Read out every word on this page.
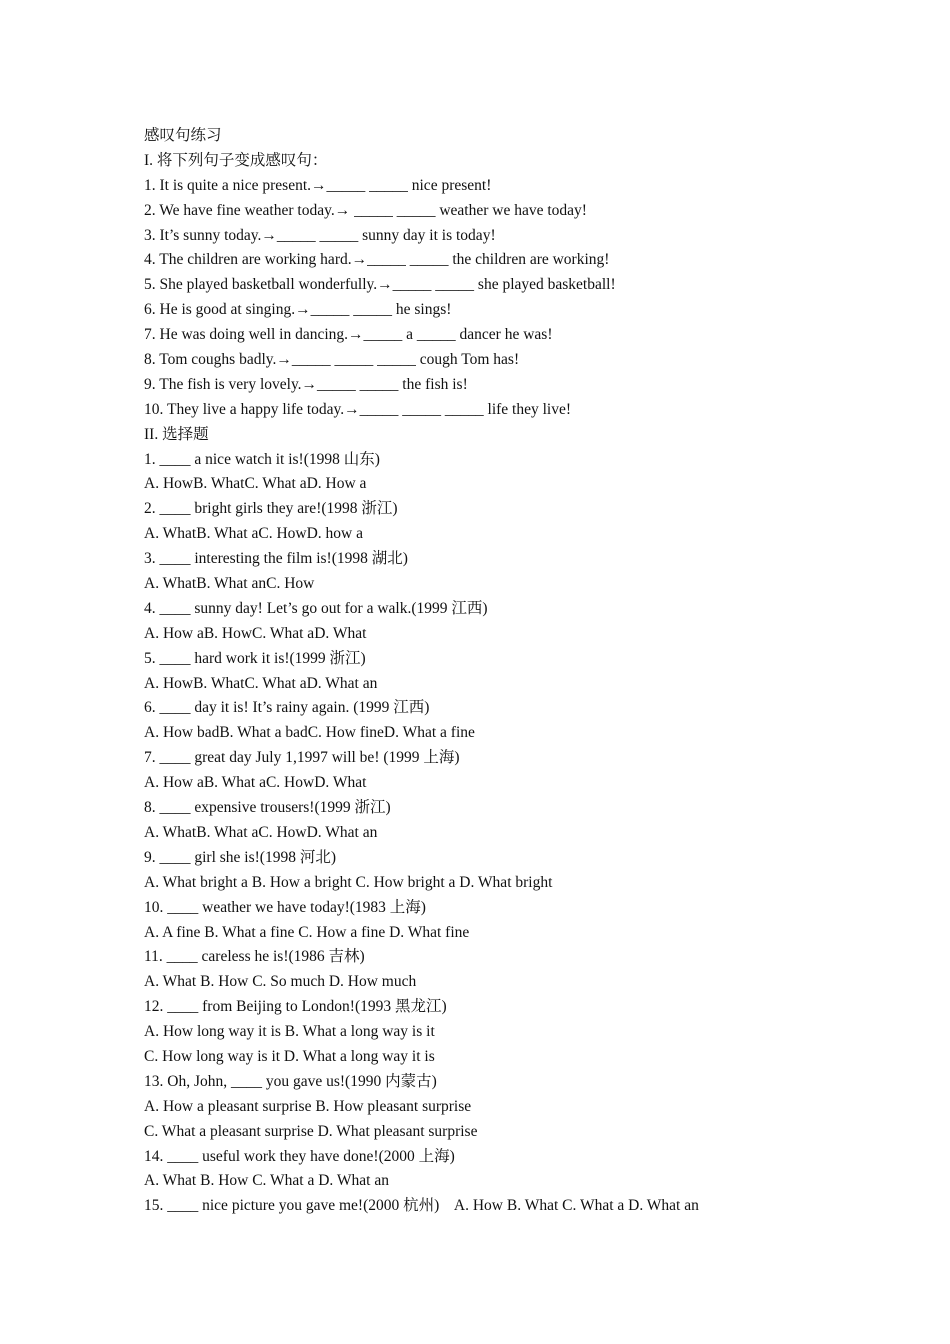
感叹句练习
I. 将下列句子变成感叹句：
1. It is quite a nice present.→_____ _____ nice present!
2. We have fine weather today.→ _____ _____ weather we have today!
3. It’s sunny today.→_____ _____ sunny day it is today!
4. The children are working hard.→_____ _____ the children are working!
5. She played basketball wonderfully.→_____ _____ she played basketball!
6. He is good at singing.→_____ _____ he sings!
7. He was doing well in dancing.→_____ a _____ dancer he was!
8. Tom coughs badly.→_____ _____ _____ cough Tom has!
9. The fish is very lovely.→_____ _____ the fish is!
10. They live a happy life today.→_____ _____ _____ life they live!
II. 选择题
1. ____ a nice watch it is!(1998 山东)
A. HowB. WhatC. What aD. How a
2. ____ bright girls they are!(1998 浙江)
A. WhatB. What aC. HowD. how a
3. ____ interesting the film is!(1998 湖北)
A. WhatB. What anC. How
4. ____ sunny day! Let’s go out for a walk.(1999 江西)
A. How aB. HowC. What aD. What
5. ____ hard work it is!(1999 浙江)
A. HowB. WhatC. What aD. What an
6. ____ day it is! It’s rainy again. (1999 江西)
A. How badB. What a badC. How fineD. What a fine
7. ____ great day July 1,1997 will be! (1999 上海)
A. How aB. What aC. HowD. What
8. ____ expensive trousers!(1999 浙江)
A. WhatB. What aC. HowD. What an
9. ____ girl she is!(1998 河北)
A. What bright a B. How a bright C. How bright a D. What bright
10. ____ weather we have today!(1983 上海)
A. A fine B. What a fine C. How a fine D. What fine
11. ____ careless he is!(1986 吉林)
A. What B. How C. So much D. How much
12. ____ from Beijing to London!(1993 黑龙江)
A. How long way it is B. What a long way is it
C. How long way is it D. What a long way it is
13. Oh, John, ____ you gave us!(1990 内蒙古)
A. How a pleasant surprise B. How pleasant surprise
C. What a pleasant surprise D. What pleasant surprise
14. ____ useful work they have done!(2000 上海)
A. What B. How C. What a D. What an
15. ____ nice picture you gave me!(2000 杭州)    A. How B. What C. What a D. What an
